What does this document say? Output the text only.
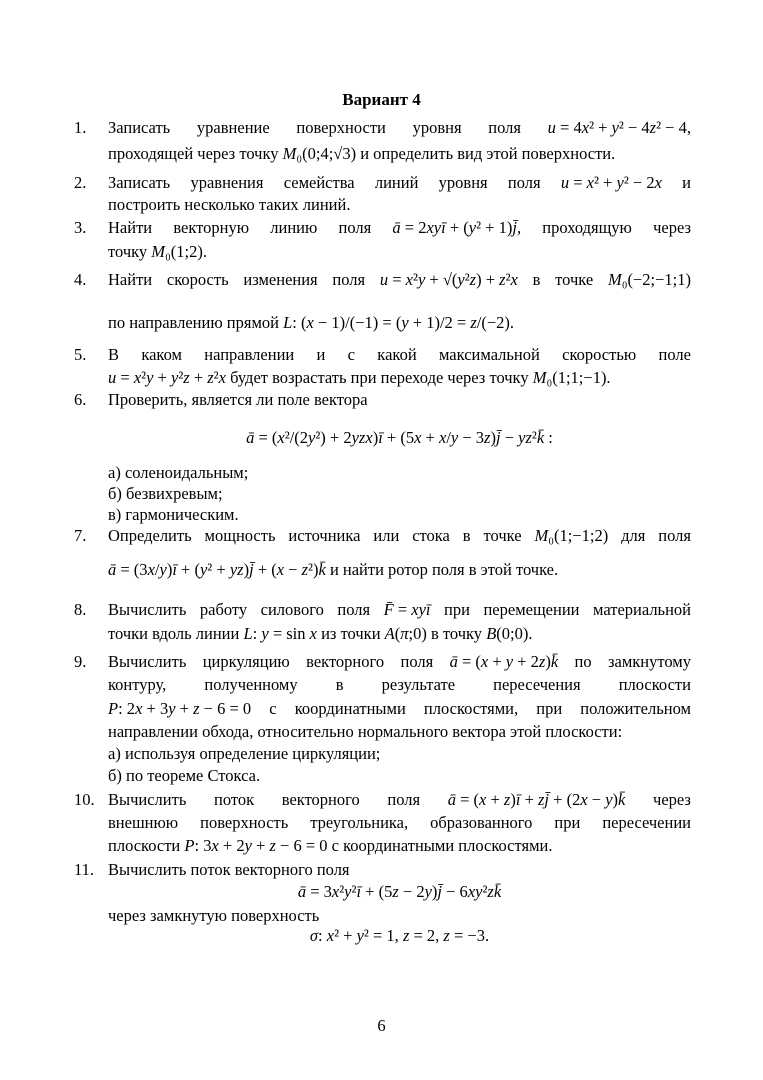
Вариант 4
1.	Записать уравнение поверхности уровня поля u = 4x² + y² − 4z² − 4,
проходящей через точку M₀(0;4;√3) и определить вид этой поверхности.
2.	Записать уравнения семейства линий уровня поля u = x² + y² − 2x и
построить несколько таких линий.
3.	Найти векторную линию поля ā = 2xyī + (y² + 1)j̄, проходящую через
точку M₀(1;2).
4.	Найти скорость изменения поля u = x²y + √(y²z) + z²x в точке M₀(−2;−1;1)
по направлению прямой L: (x − 1)/(−1) = (y + 1)/2 = z/(−2).
5.	В каком направлении и с какой максимальной скоростью поле
u = x²y + y²z + z²x будет возрастать при переходе через точку M₀(1;1;−1).
6.	Проверить, является ли поле вектора
ā = (x²/(2y²) + 2yzx)ī + (5x + x/y − 3z)j̄ − yz²k̄ :
а) соленоидальным;
б) безвихревым;
в) гармоническим.
7.	Определить мощность источника или стока в точке M₀(1;−1;2) для поля
ā = (3x/y)ī + (y² + yz)j̄ + (x − z²)k̄ и найти ротор поля в этой точке.
8.	Вычислить работу силового поля F̄ = xyī при перемещении материальной
точки вдоль линии L: y = sin x из точки A(π;0) в точку B(0;0).
9.	Вычислить циркуляцию векторного поля ā = (x + y + 2z)k̄ по замкнутому
контуру, полученному в результате пересечения плоскости
P: 2x + 3y + z − 6 = 0 с координатными плоскостями, при положительном
направлении обхода, относительно нормального вектора этой плоскости:
а) используя определение циркуляции;
б) по теореме Стокса.
10. Вычислить поток векторного поля ā = (x + z)ī + zj̄ + (2x − y)k̄ через
внешнюю поверхность треугольника, образованного при пересечении
плоскости P: 3x + 2y + z − 6 = 0 с координатными плоскостями.
11. Вычислить поток векторного поля
ā = 3x²y²ī + (5z − 2y)j̄ − 6xy²zk̄
через замкнутую поверхность
σ: x² + y² = 1, z = 2, z = −3.
6
